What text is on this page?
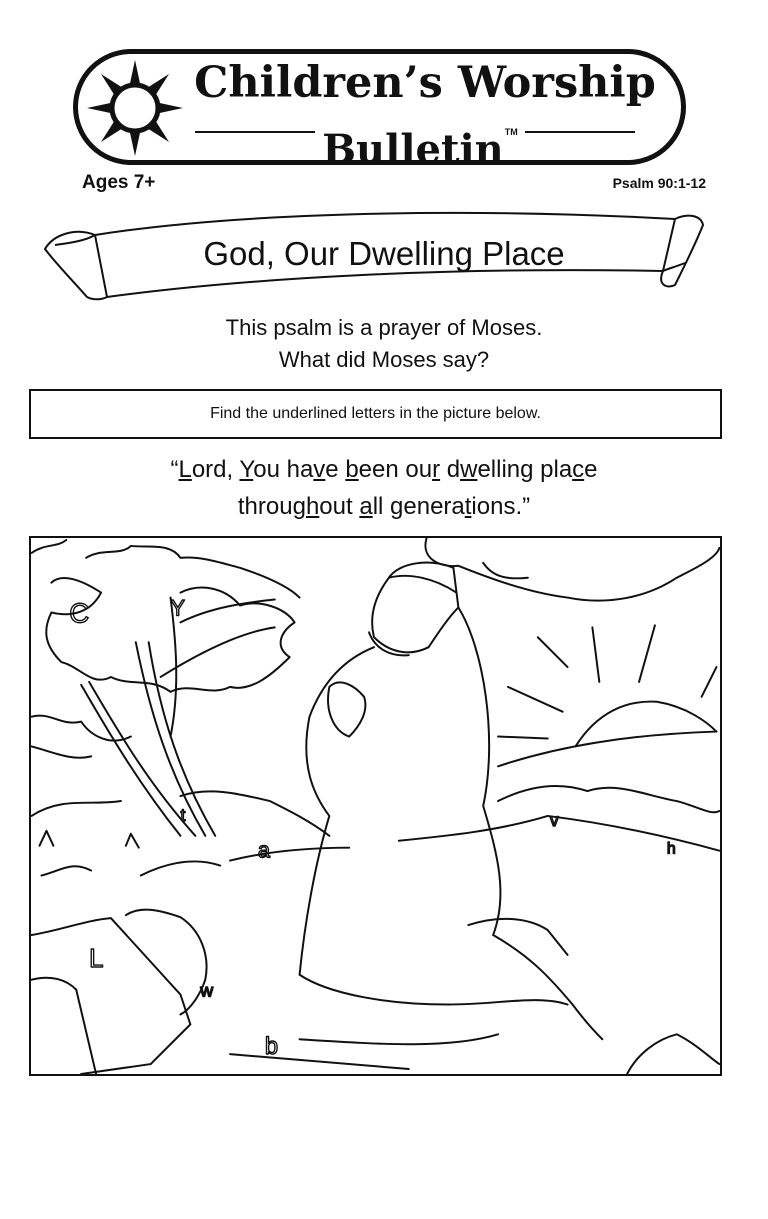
Children’s Worship
Bulletin™
Ages 7+	Psalm 90:1-12
God, Our Dwelling Place
This psalm is a prayer of Moses.
What did Moses say?
Find the underlined letters in the picture below.
“Lord, You have been our dwelling place
throughout all generations.”
C	Y
t
a
v
L
w
b
h
